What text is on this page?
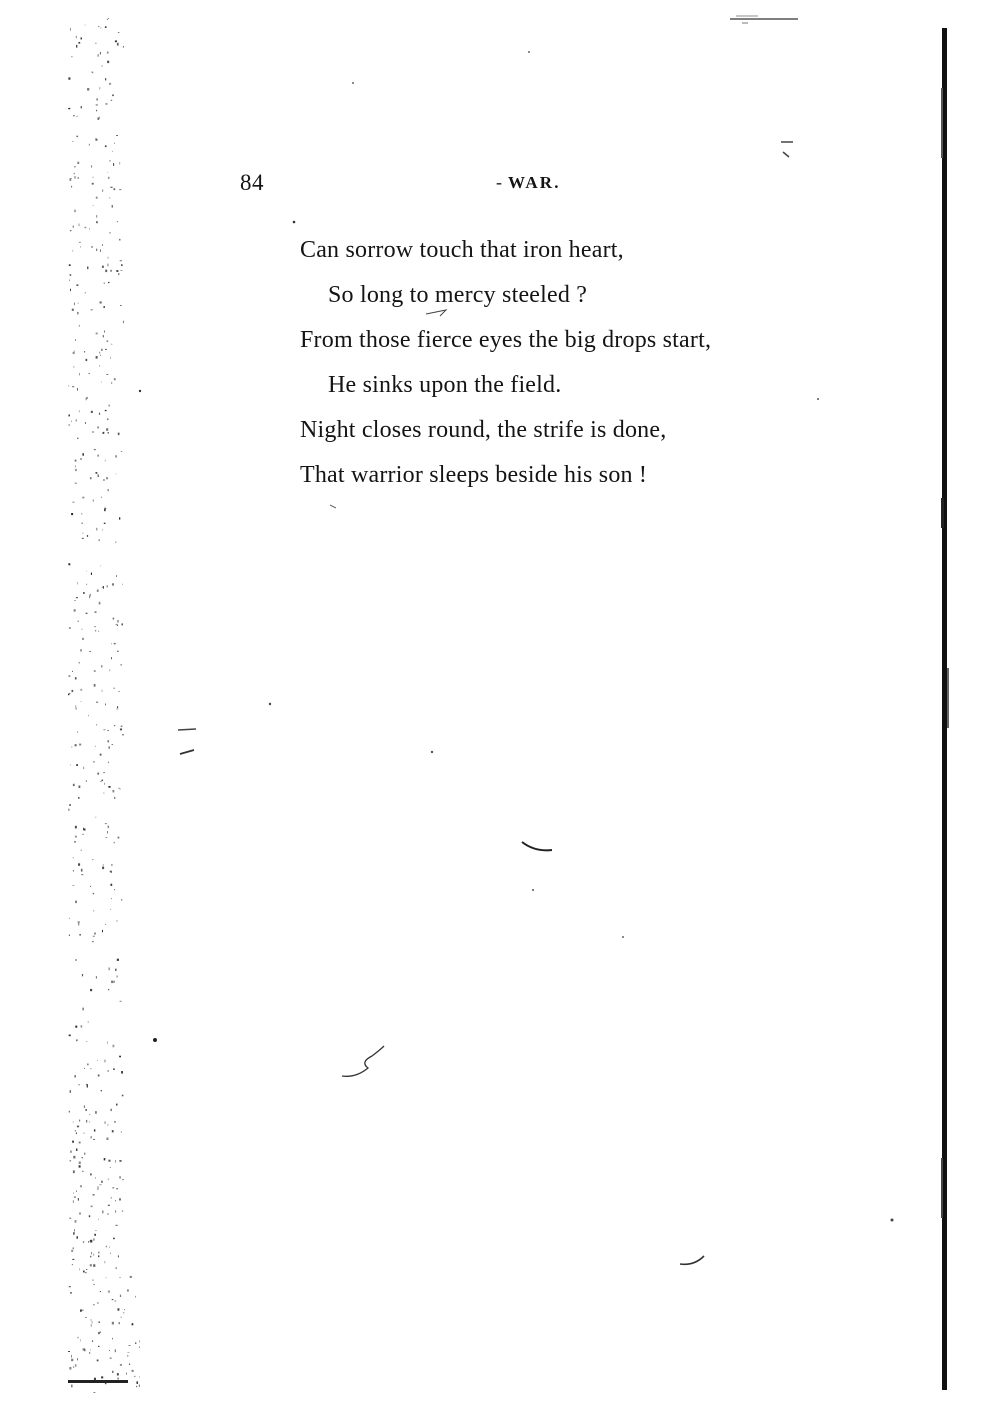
84	- WAR.
Can sorrow touch that iron heart,
So long to mercy steeled ?
From those fierce eyes the big drops start,
He sinks upon the field.
Night closes round, the strife is done,
That warrior sleeps beside his son !
